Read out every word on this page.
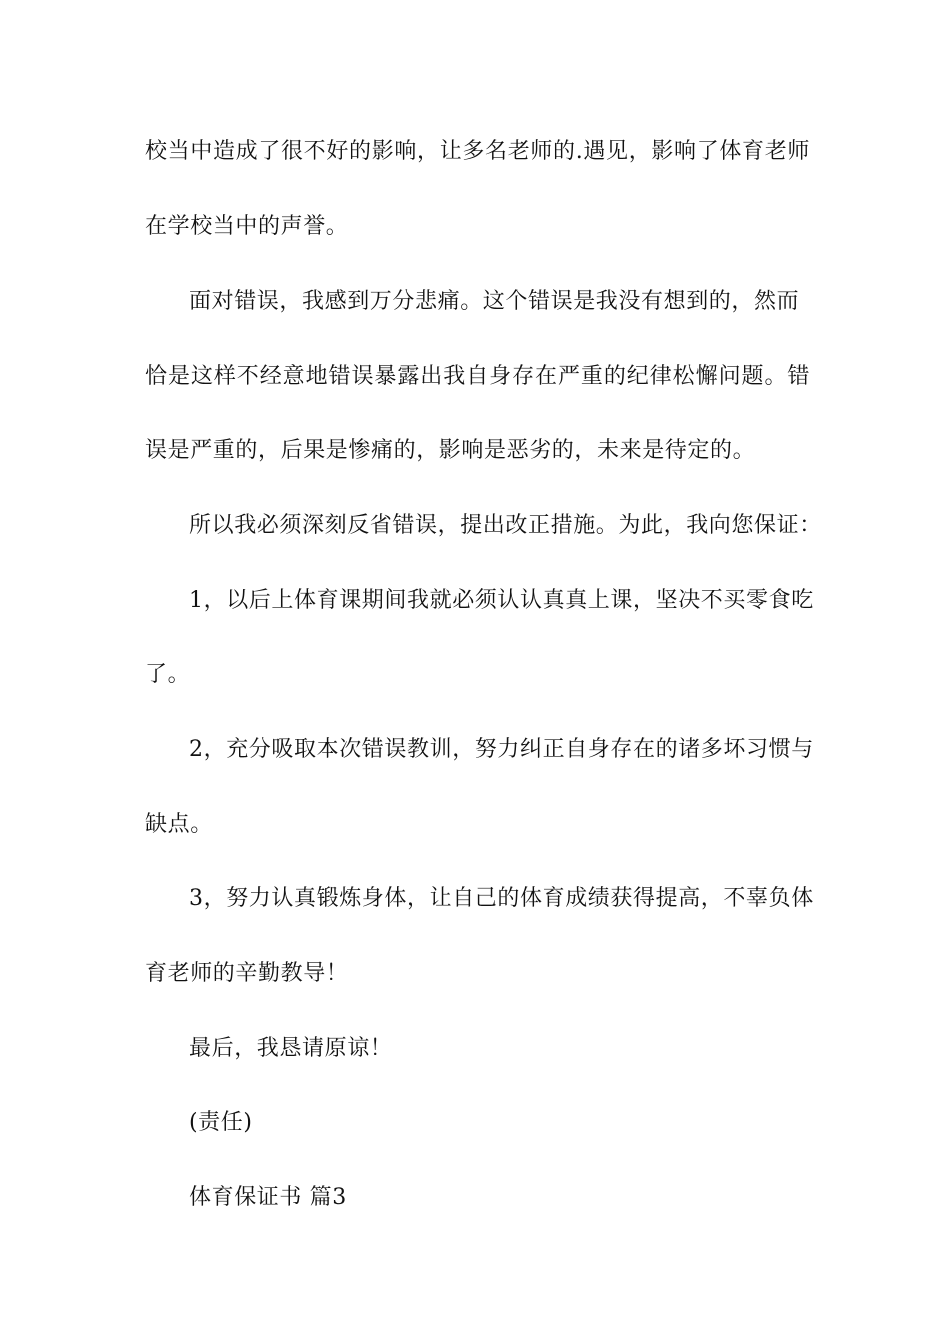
校当中造成了很不好的影响，让多名老师的.遇见，影响了体育老师
在学校当中的声誉。
面对错误，我感到万分悲痛。这个错误是我没有想到的，然而
恰是这样不经意地错误暴露出我自身存在严重的纪律松懈问题。错
误是严重的，后果是惨痛的，影响是恶劣的，未来是待定的。
所以我必须深刻反省错误，提出改正措施。为此，我向您保证：
1，以后上体育课期间我就必须认认真真上课，坚决不买零食吃
了。
2，充分吸取本次错误教训，努力纠正自身存在的诸多坏习惯与
缺点。
3，努力认真锻炼身体，让自己的体育成绩获得提高，不辜负体
育老师的辛勤教导！
最后，我恳请原谅！
(责任)
体育保证书 篇3
